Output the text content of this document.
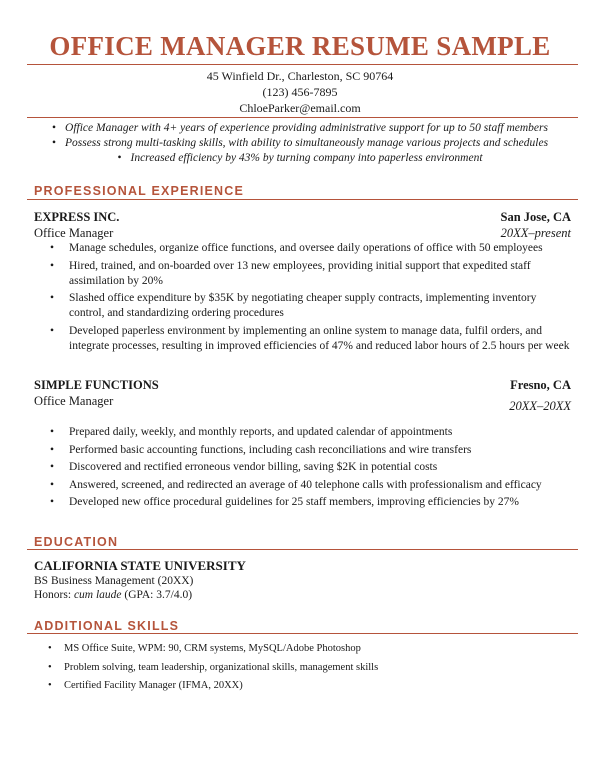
OFFICE MANAGER RESUME SAMPLE
45 Winfield Dr., Charleston, SC 90764
(123) 456-7895
ChloeParker@email.com
• Office Manager with 4+ years of experience providing administrative support for up to 50 staff members
• Possess strong multi-tasking skills, with ability to simultaneously manage various projects and schedules
• Increased efficiency by 43% by turning company into paperless environment
PROFESSIONAL EXPERIENCE
EXPRESS INC.	San Jose, CA
Office Manager	20XX–present
• Manage schedules, organize office functions, and oversee daily operations of office with 50 employees
• Hired, trained, and on-boarded over 13 new employees, providing initial support that expedited staff assimilation by 20%
• Slashed office expenditure by $35K by negotiating cheaper supply contracts, implementing inventory control, and standardizing ordering procedures
• Developed paperless environment by implementing an online system to manage data, fulfil orders, and integrate processes, resulting in improved efficiencies of 47% and reduced labor hours of 2.5 hours per week
SIMPLE FUNCTIONS	Fresno, CA
Office Manager	20XX–20XX
• Prepared daily, weekly, and monthly reports, and updated calendar of appointments
• Performed basic accounting functions, including cash reconciliations and wire transfers
• Discovered and rectified erroneous vendor billing, saving $2K in potential costs
• Answered, screened, and redirected an average of 40 telephone calls with professionalism and efficacy
• Developed new office procedural guidelines for 25 staff members, improving efficiencies by 27%
EDUCATION
CALIFORNIA STATE UNIVERSITY
BS Business Management (20XX)
Honors: cum laude (GPA: 3.7/4.0)
ADDITIONAL SKILLS
• MS Office Suite, WPM: 90, CRM systems, MySQL/Adobe Photoshop
• Problem solving, team leadership, organizational skills, management skills
• Certified Facility Manager (IFMA, 20XX)
